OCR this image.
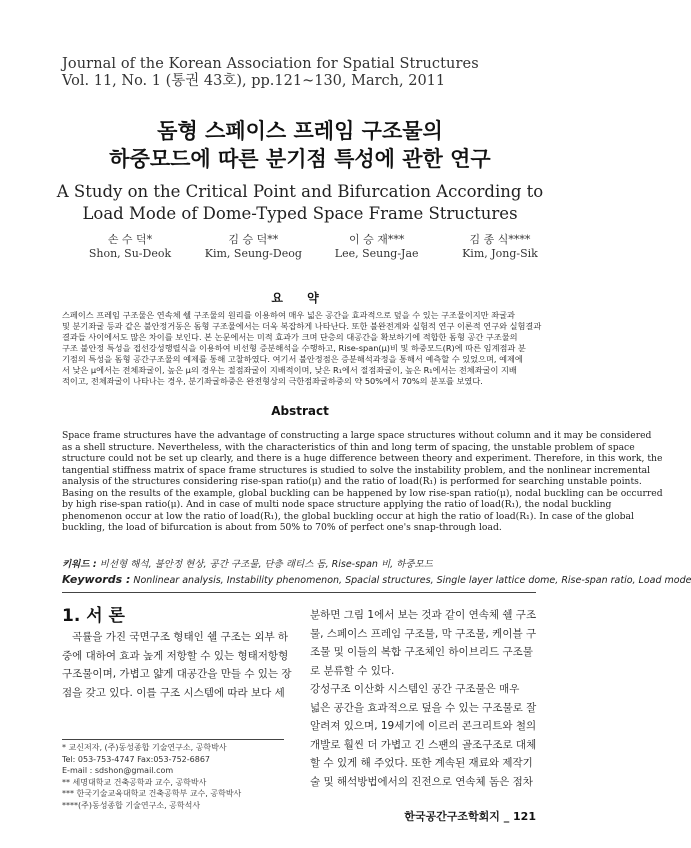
Journal of the Korean Association for Spatial Structures
Vol. 11, No. 1 (통권 43호), pp.121~130, March, 2011
돔형 스페이스 프레임 구조물의
하중모드에 따른 분기점 특성에 관한 연구
A Study on the Critical Point and Bifurcation According to
Load Mode of Dome-Typed Space Frame Structures
손 수 덕*
Shon, Su-Deok
김 승 덕**
Kim, Seung-Deog
이 승 재***
Lee, Seung-Jae
김 종 식****
Kim, Jong-Sik
요 약
스페이스 프레임 구조물은 연속체 쉘 구조물의 원리를 이용하여 매우 넓은 공간을 효과적으로 덮을 수 있는 구조물이지만 좌굴과
및 분기좌굴 등과 같은 불안정거동은 돔형 구조물에서는 더욱 복잡하게 나타난다. 또한 불완전계와 실험적 연구 이론적 연구와 실험결과
결과들 사이에서도 많은 차이를 보인다. 본 논문에서는 미적 효과가 크며 단층의 대공간을 확보하기에 적합한 돔형 공간 구조물의
구조 불안정 특성을 접선강성행렬식을 이용하여 비선형 증분해석을 수행하고, Rise-span(μ)비 및 하중모드(R)에 따른 임계점과 분
기점의 특성을 돔형 공간구조물의 예제를 통해 고찰하였다. 여기서 불안정점은 증분해석과정을 통해서 예측할 수 있었으며, 예제에
서 낮은 μ에서는 전체좌굴이, 높은 μ의 경우는 절점좌굴이 지배적이며, 낮은 R₁에서 절점좌굴이, 높은 R₁에서는 전체좌굴이 지배
적이고, 전체좌굴이 나타나는 경우, 분기좌굴하중은 완전형상의 극한점좌굴하중의 약 50%에서 70%의 분포를 보였다.
Abstract
Space frame structures have the advantage of constructing a large space structures without column and it may be considered
as a shell structure. Nevertheless, with the characteristics of thin and long term of spacing, the unstable problem of space
structure could not be set up clearly, and there is a huge difference between theory and experiment. Therefore, in this work, the
tangential stiffness matrix of space frame structures is studied to solve the instability problem, and the nonlinear incremental
analysis of the structures considering rise-span ratio(μ) and the ratio of load(R₁) is performed for searching unstable points.
Basing on the results of the example, global buckling can be happened by low rise-span ratio(μ), nodal buckling can be occurred
by high rise-span ratio(μ). And in case of multi node space structure applying the ratio of load(R₁), the nodal buckling
phenomenon occur at low the ratio of load(R₁), the global buckling occur at high the ratio of load(R₁). In case of the global
buckling, the load of bifurcation is about from 50% to 70% of perfect one's snap-through load.
키워드 : 비선형 해석, 불안정 현상, 공간 구조물, 단층 래티스 돔, Rise-span 비, 하중모드
Keywords : Nonlinear analysis, Instability phenomenon, Spacial structures, Single layer lattice dome, Rise-span ratio, Load mode
1. 서 론
곡률을 가진 국면구조 형태인 쉘 구조는 외부 하
중에 대하여 효과 높게 저항할 수 있는 형태저항형
구조물이며, 가볍고 얇게 대공간을 만들 수 있는 장
점을 갖고 있다. 이를 구조 시스템에 따라 보다 세
* 교신저자, (주)동성종합 기술연구소, 공학박사
Tel: 053-753-4747 Fax:053-752-6867
E-mail : sdshon@gmail.com
** 세명대학교 건축공학과 교수, 공학박사
*** 한국기술교육대학교 건축공학부 교수, 공학박사
****(주)동성종합 기술연구소, 공학석사
분하면 그림 1에서 보는 것과 같이 연속체 쉘 구조
물, 스페이스 프레임 구조물, 막 구조물, 케이블 구
조물 및 이들의 복합 구조체인 하이브리드 구조물
로 분류할 수 있다.
강성구조 이산화 시스템인 공간 구조물은 매우
넓은 공간을 효과적으로 덮을 수 있는 구조물로 잘
알려져 있으며, 19세기에 이르러 콘크리트와 철의
개발로 훨씬 더 가볍고 긴 스팬의 골조구조로 대체
할 수 있게 해 주었다. 또한 계속된 재료와 제작기
술 및 해석방법에서의 진전으로 연속체 돔은 점차
한국공간구조학회지 _ 121
